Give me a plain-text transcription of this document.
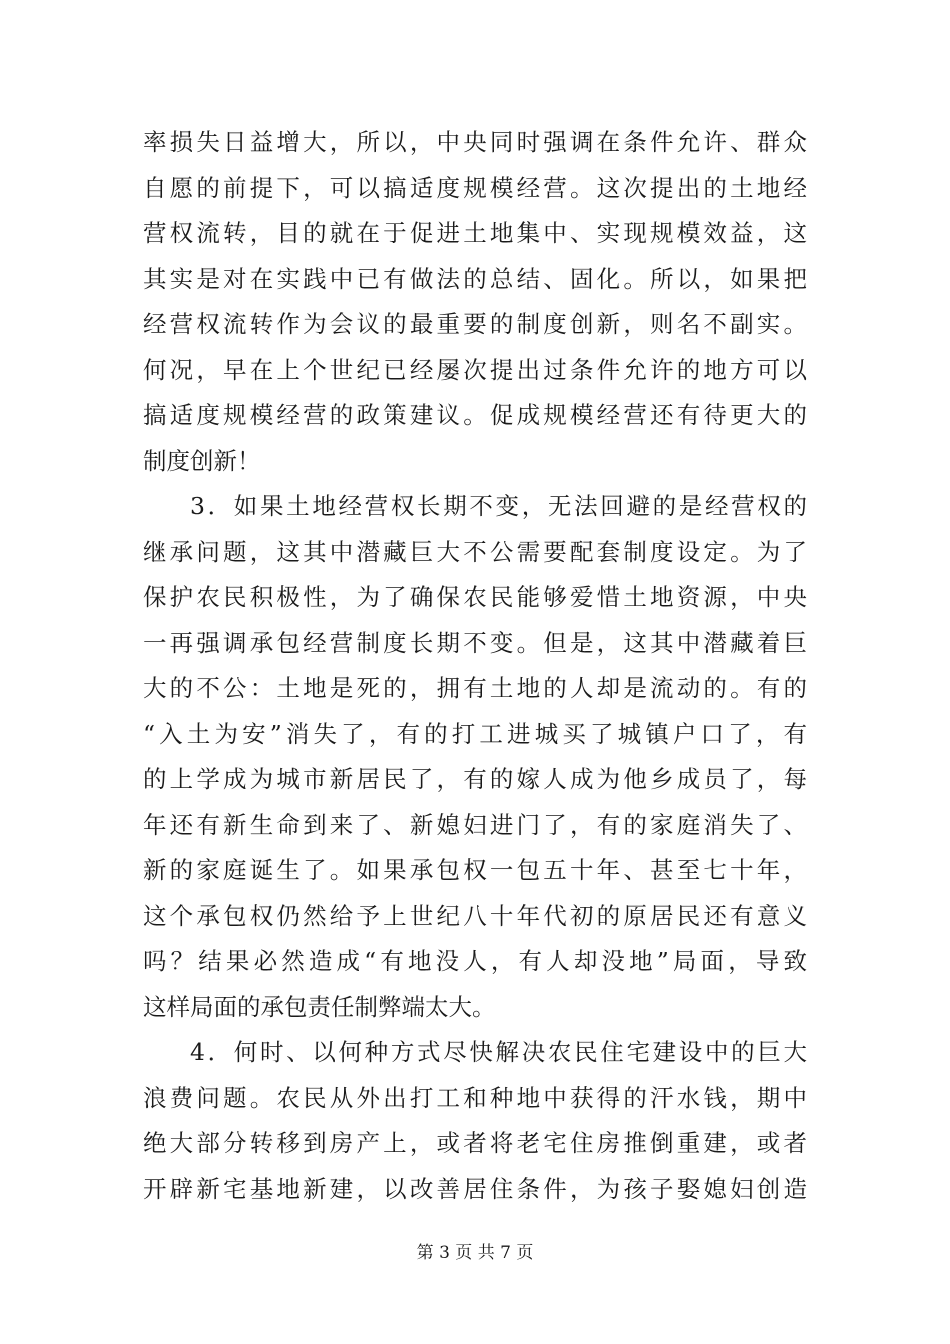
率损失日益增大，所以，中央同时强调在条件允许、群众
自愿的前提下，可以搞适度规模经营。这次提出的土地经
营权流转，目的就在于促进土地集中、实现规模效益，这
其实是对在实践中已有做法的总结、固化。所以，如果把
经营权流转作为会议的最重要的制度创新，则名不副实。
何况，早在上个世纪已经屡次提出过条件允许的地方可以
搞适度规模经营的政策建议。促成规模经营还有待更大的
制度创新！
3．如果土地经营权长期不变，无法回避的是经营权的
继承问题，这其中潜藏巨大不公需要配套制度设定。为了
保护农民积极性，为了确保农民能够爱惜土地资源，中央
一再强调承包经营制度长期不变。但是，这其中潜藏着巨
大的不公：土地是死的，拥有土地的人却是流动的。有的
“入土为安”消失了，有的打工进城买了城镇户口了，有
的上学成为城市新居民了，有的嫁人成为他乡成员了，每
年还有新生命到来了、新媳妇进门了，有的家庭消失了、
新的家庭诞生了。如果承包权一包五十年、甚至七十年，
这个承包权仍然给予上世纪八十年代初的原居民还有意义
吗？结果必然造成“有地没人，有人却没地”局面，导致
这样局面的承包责任制弊端太大。
4．何时、以何种方式尽快解决农民住宅建设中的巨大
浪费问题。农民从外出打工和种地中获得的汗水钱，期中
绝大部分转移到房产上，或者将老宅住房推倒重建，或者
开辟新宅基地新建，以改善居住条件，为孩子娶媳妇创造
第 3 页 共 7 页
